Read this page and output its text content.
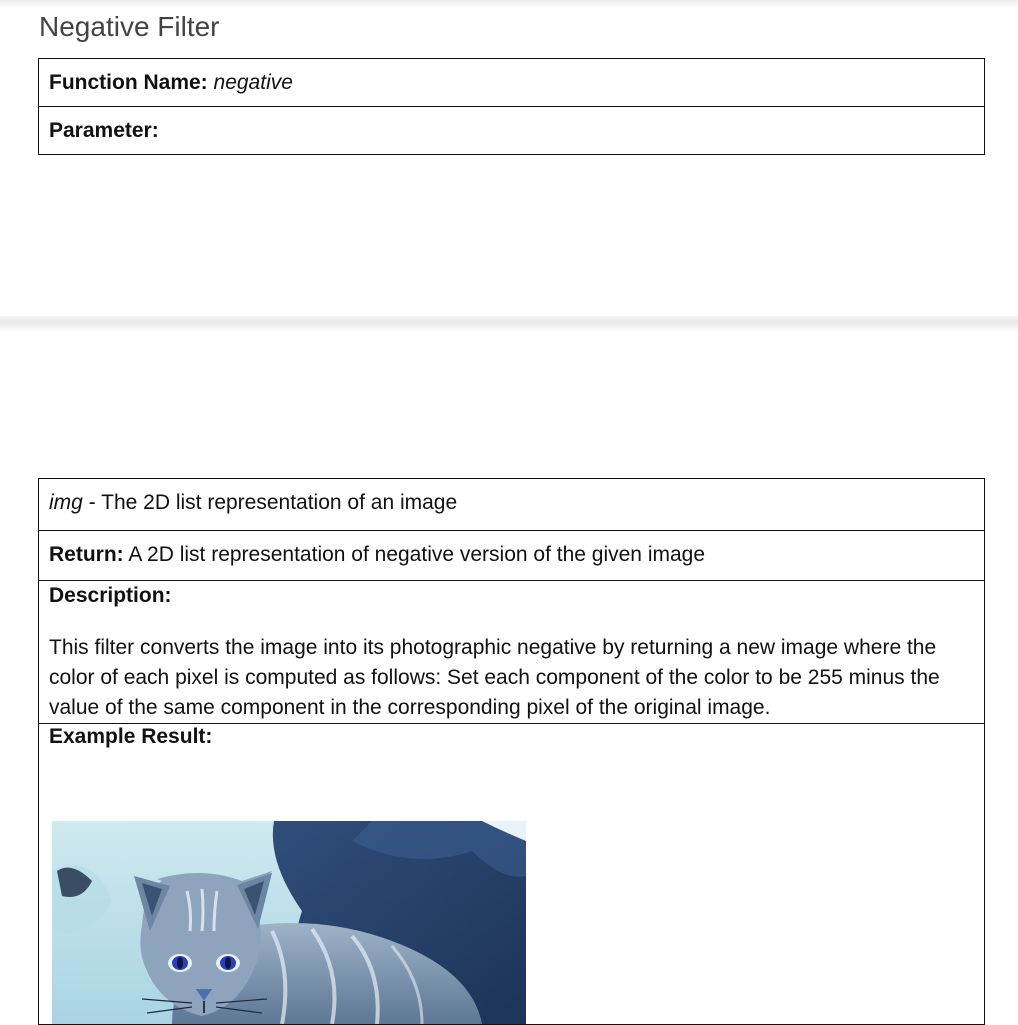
Negative Filter
Function Name: negative
Parameter:
img - The 2D list representation of an image
Return: A 2D list representation of negative version of the given image
Description:

This filter converts the image into its photographic negative by returning a new image where the color of each pixel is computed as follows: Set each component of the color to be 255 minus the value of the same component in the corresponding pixel of the original image.

Example Result:
